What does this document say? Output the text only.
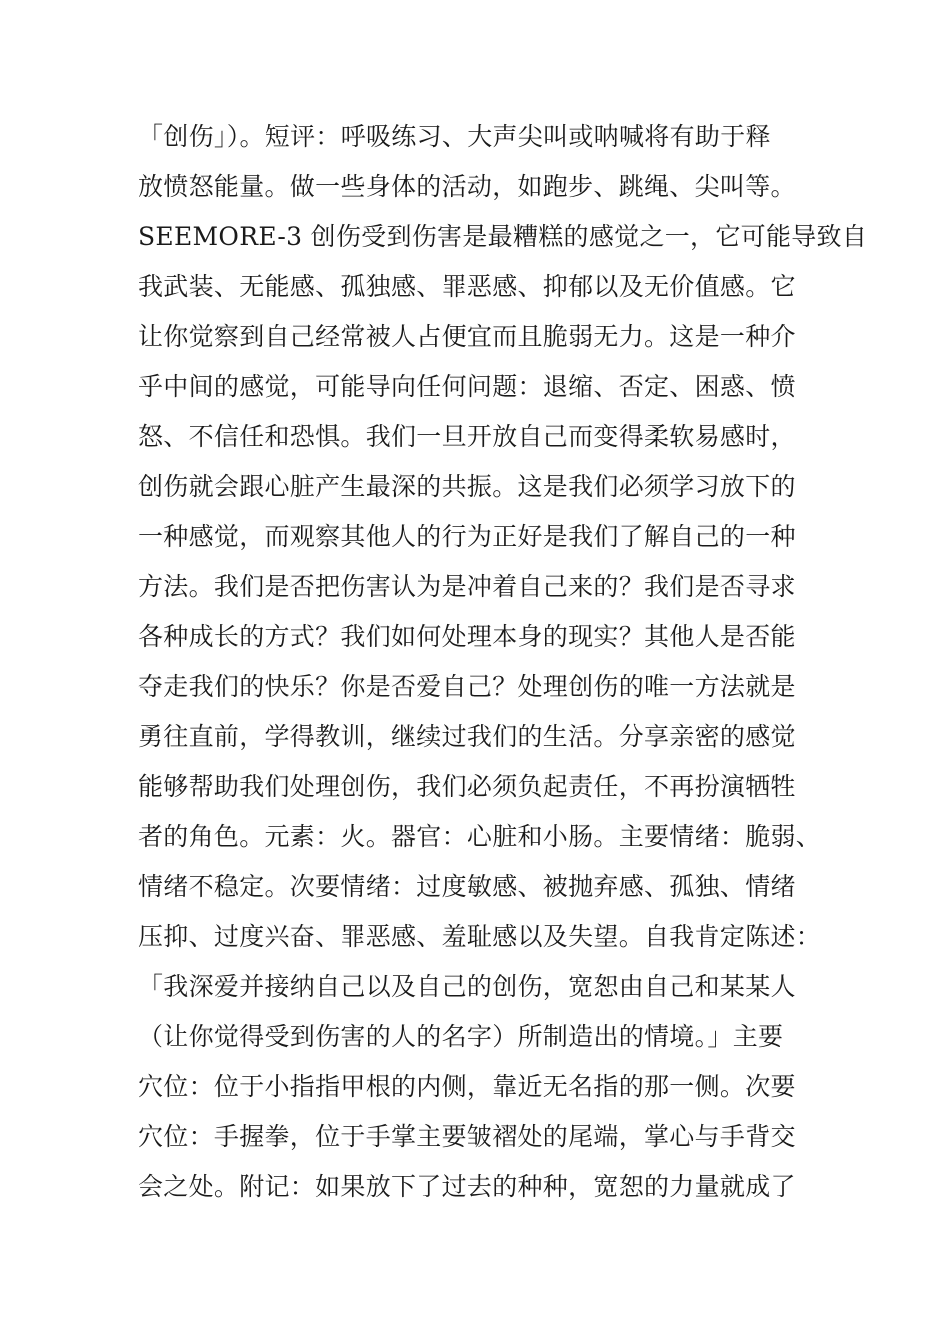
「创伤」）。短评：呼吸练习、大声尖叫或呐喊将有助于释
放愤怒能量。做一些身体的活动，如跑步、跳绳、尖叫等。
SEEMORE-3 创伤受到伤害是最糟糕的感觉之一，它可能导致自
我武装、无能感、孤独感、罪恶感、抑郁以及无价值感。它
让你觉察到自己经常被人占便宜而且脆弱无力。这是一种介
乎中间的感觉，可能导向任何问题：退缩、否定、困惑、愤
怒、不信任和恐惧。我们一旦开放自己而变得柔软易感时，
创伤就会跟心脏产生最深的共振。这是我们必须学习放下的
一种感觉，而观察其他人的行为正好是我们了解自己的一种
方法。我们是否把伤害认为是冲着自己来的？我们是否寻求
各种成长的方式？我们如何处理本身的现实？其他人是否能
夺走我们的快乐？你是否爱自己？处理创伤的唯一方法就是
勇往直前，学得教训，继续过我们的生活。分享亲密的感觉
能够帮助我们处理创伤，我们必须负起责任，不再扮演牺牲
者的角色。元素：火。器官：心脏和小肠。主要情绪：脆弱、
情绪不稳定。次要情绪：过度敏感、被抛弃感、孤独、情绪
压抑、过度兴奋、罪恶感、羞耻感以及失望。自我肯定陈述：
「我深爱并接纳自己以及自己的创伤，宽恕由自己和某某人
（让你觉得受到伤害的人的名字）所制造出的情境。」主要
穴位：位于小指指甲根的内侧，靠近无名指的那一侧。次要
穴位：手握拳，位于手掌主要皱褶处的尾端，掌心与手背交
会之处。附记：如果放下了过去的种种，宽恕的力量就成了
